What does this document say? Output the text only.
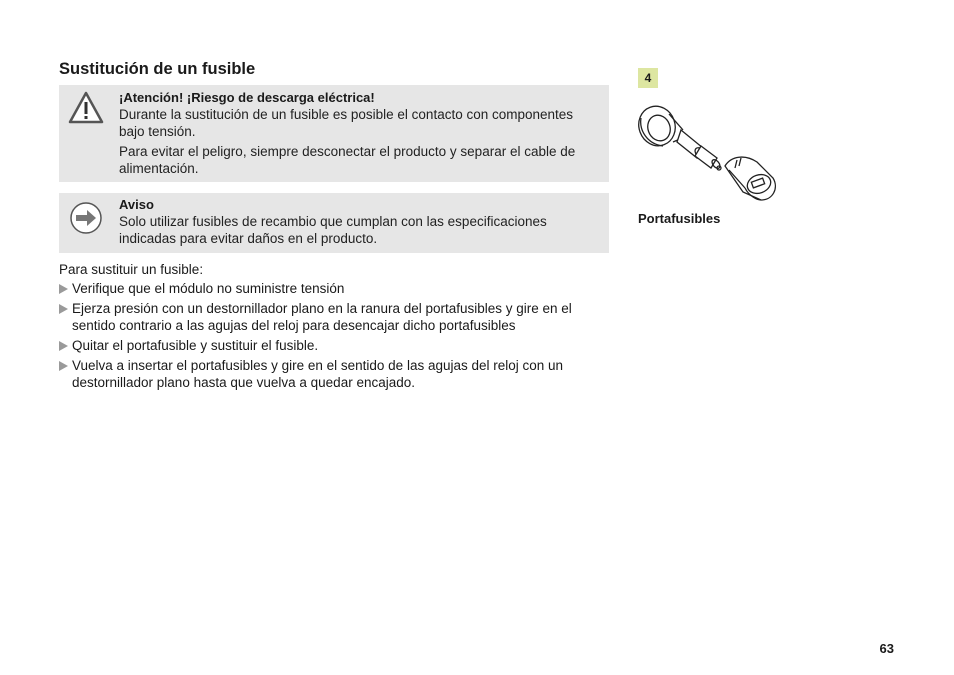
Sustitución de un fusible
¡Atención! ¡Riesgo de descarga eléctrica!

Durante la sustitución de un fusible es posible el contacto con componentes bajo tensión.

Para evitar el peligro, siempre desconectar el producto y separar el cable de alimentación.

Aviso

Solo utilizar fusibles de recambio que cumplan con las especificaciones indicadas para evitar daños en el producto.

Para sustituir un fusible:

Verifique que el módulo no suministre tensión
Ejerza presión con un destornillador plano en la ranura del portafusibles y gire en el sentido contrario a las agujas del reloj para desencajar dicho portafusibles
Quitar el portafusible y sustituir el fusible.
Vuelva a insertar el portafusibles y gire en el sentido de las agujas del reloj con un destornillador plano hasta que vuelva a quedar encajado.
4
Portafusibles
63
